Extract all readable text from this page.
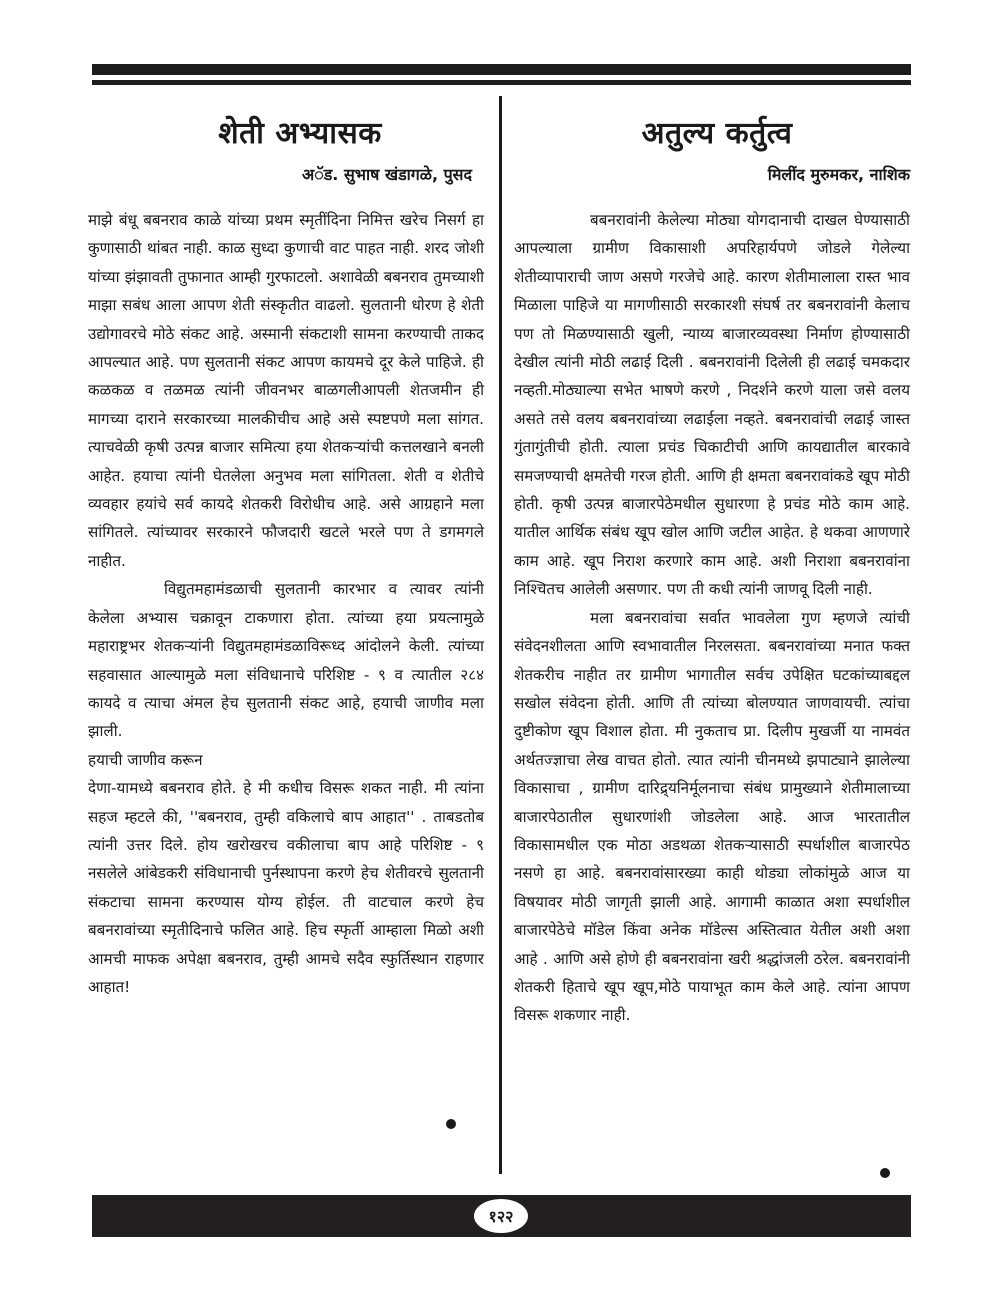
शेती अभ्यासक

अॅड. सुभाष खंडागळे, पुसद

माझे बंधू बबनराव काळे यांच्या प्रथम स्मृतींदिना निमित्त खरेच निसर्ग हा कुणासाठी थांबत नाही. काळ सुध्दा कुणाची वाट पाहत नाही. शरद जोशी यांच्या झंझावती तुफानात आम्ही गुरफाटलो. अशावेळी बबनराव तुमच्याशी माझा सबंध आला आपण शेती संस्कृतीत वाढलो. सुलतानी धोरण हे शेती उद्योगावरचे मोठे संकट आहे. अस्मानी संकटाशी सामना करण्याची ताकद आपल्यात आहे. पण सुलतानी संकट आपण कायमचे दूर केले पाहिजे. ही कळकळ व तळमळ त्यांनी जीवनभर बाळगलीआपली शेतजमीन ही मागच्या दाराने सरकारच्या मालकीचीच आहे असे स्पष्टपणे मला सांगत. त्याचवेळी कृषी उत्पन्न बाजार समित्या हया शेतकऱ्यांची कत्तलखाने बनली आहेत. हयाचा त्यांनी घेतलेला अनुभव मला सांगितला. शेती व शेतीचे व्यवहार हयांचे सर्व कायदे शेतकरी विरोधीच आहे. असे आग्रहाने मला सांगितले. त्यांच्यावर सरकारने फौजदारी खटले भरले पण ते डगमगले नाहीत.

विद्युतमहामंडळाची सुलतानी कारभार व त्यावर त्यांनी केलेला अभ्यास चक्रावून टाकणारा होता. त्यांच्या हया प्रयत्नामुळे महाराष्ट्रभर शेतकऱ्यांनी विद्युतमहामंडळाविरूध्द आंदोलने केली. त्यांच्या सहवासात आल्यामुळे मला संविधानाचे परिशिष्ट - ९ व त्यातील २८४ कायदे व त्याचा अंमल हेच सुलतानी संकट आहे, हयाची जाणीव मला झाली.

हयाची जाणीव करून

देणा-यामध्ये बबनराव होते. हे मी कधीच विसरू शकत नाही. मी त्यांना सहज म्हटले की, ''बबनराव, तुम्ही वकिलाचे बाप आहात'' . ताबडतोब त्यांनी उत्तर दिले. होय खरोखरच वकीलाचा बाप आहे परिशिष्ट - ९ नसलेले आंबेडकरी संविधानाची पुर्नस्थापना करणे हेच शेतीवरचे सुलतानी संकटाचा सामना करण्यास योग्य होईल. ती वाटचाल करणे हेच बबनरावांच्या स्मृतीदिनाचे फलित आहे. हिच स्फृर्ती आम्हाला मिळो अशी आमची माफक अपेक्षा बबनराव, तुम्ही आमचे सदैव स्फुर्तिस्थान राहणार आहात!

अतुल्य कर्तुत्व

मिलींद मुरुमकर, नाशिक

बबनरावांनी केलेल्या मोठ्या योगदानाची दाखल घेण्यासाठी आपल्याला ग्रामीण विकासाशी अपरिहार्यपणे जोडले गेलेल्या शेतीव्यापाराची जाण असणे गरजेचे आहे. कारण शेतीमालाला रास्त भाव मिळाला पाहिजे या मागणीसाठी सरकारशी संघर्ष तर बबनरावांनी केलाच पण तो मिळण्यासाठी खुली, न्याय्य बाजारव्यवस्था निर्माण होण्यासाठी देखील त्यांनी मोठी लढाई दिली . बबनरावांनी दिलेली ही लढाई चमकदार नव्हती.मोठ्याल्या सभेत भाषणे करणे , निदर्शने करणे याला जसे वलय असते तसे वलय बबनरावांच्या लढाईला नव्हते. बबनरावांची लढाई जास्त गुंतागुंतीची होती. त्याला प्रचंड चिकाटीची आणि कायद्यातील बारकावे समजण्याची क्षमतेची गरज होती. आणि ही क्षमता बबनरावांकडे खूप मोठी होती. कृषी उत्पन्न बाजारपेठेमधील सुधारणा हे प्रचंड मोठे काम आहे. यातील आर्थिक संबंध खूप खोल आणि जटील आहेत. हे थकवा आणणारे काम आहे. खूप निराश करणारे काम आहे. अशी निराशा बबनरावांना निश्चितच आलेली असणार. पण ती कधी त्यांनी जाणवू दिली नाही.

मला बबनरावांचा सर्वात भावलेला गुण म्हणजे त्यांची संवेदनशीलता आणि स्वभावातील निरलसता. बबनरावांच्या मनात फक्त शेतकरीच नाहीत तर ग्रामीण भागातील सर्वच उपेक्षित घटकांच्याबद्दल सखोल संवेदना होती. आणि ती त्यांच्या बोलण्यात जाणवायची. त्यांचा दुष्टीकोण खूप विशाल होता. मी नुकताच प्रा. दिलीप मुखर्जी या नामवंत अर्थतज्ज्ञाचा लेख वाचत होतो. त्यात त्यांनी चीनमध्ये झपाट्याने झालेल्या विकासाचा , ग्रामीण दारिद्र्यनिर्मूलनाचा संबंध प्रामुख्याने शेतीमालाच्या बाजारपेठातील सुधारणांशी जोडलेला आहे. आज भारतातील विकासामधील एक मोठा अडथळा शेतकऱ्यासाठी स्पर्धाशील बाजारपेठ नसणे हा आहे. बबनरावांसारख्या काही थोड्या लोकांमुळे आज या विषयावर मोठी जागृती झाली आहे. आगामी काळात अशा स्पर्धाशील बाजारपेठेचे मॉडेल किंवा अनेक मॉडेल्स अस्तित्वात येतील अशी अशा आहे . आणि असे होणे ही बबनरावांना खरी श्रद्धांजली ठरेल. बबनरावांनी शेतकरी हिताचे खूप खूप,मोठे पायाभूत काम केले आहे. त्यांना आपण विसरू शकणार नाही.

१२२
